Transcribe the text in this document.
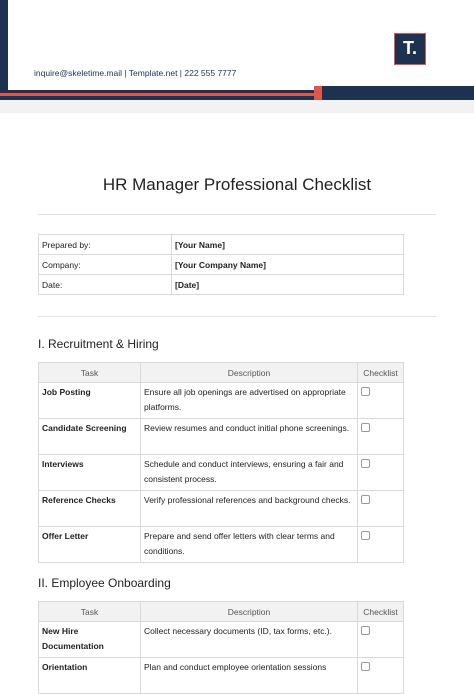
inquire@skeletime.mail | Template.net | 222 555 7777
T.
HR Manager Professional Checklist
Prepared by:	[Your Name]
Company:	[Your Company Name]
Date:	[Date]
I. Recruitment & Hiring
Task	Description	Checklist
Job Posting	Ensure all job openings are advertised on appropriate platforms.	
Candidate Screening	Review resumes and conduct initial phone screenings.	
Interviews	Schedule and conduct interviews, ensuring a fair and consistent process.	
Reference Checks	Verify professional references and background checks.	
Offer Letter	Prepare and send offer letters with clear terms and conditions.	
II. Employee Onboarding
Task	Description	Checklist
New Hire Documentation	Collect necessary documents (ID, tax forms, etc.).	
Orientation	Plan and conduct employee orientation sessions	
